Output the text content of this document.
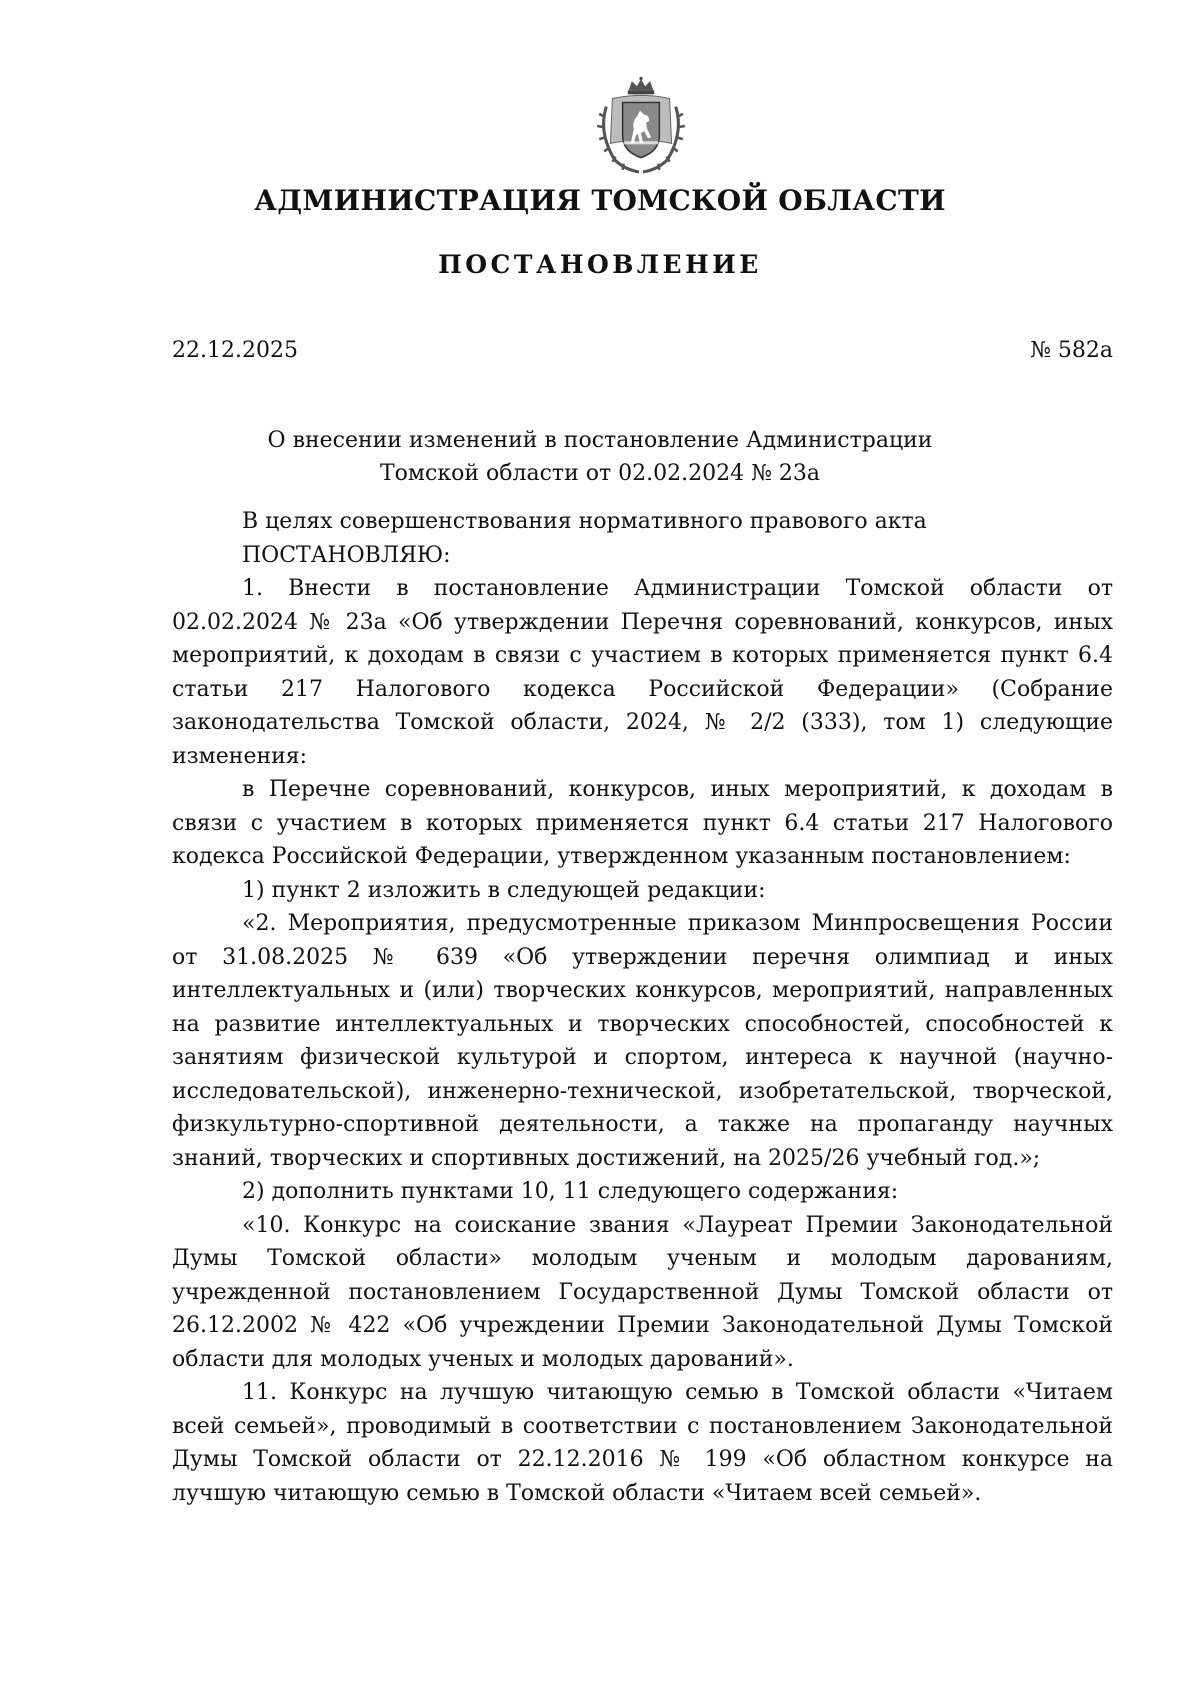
АДМИНИСТРАЦИЯ ТОМСКОЙ ОБЛАСТИ
ПОСТАНОВЛЕНИЕ
22.12.2025	№ 582а
О внесении изменений в постановление Администрации
Томской области от 02.02.2024 № 23а

В целях совершенствования нормативного правового акта

ПОСТАНОВЛЯЮ:

1. Внести в постановление Администрации Томской области от 02.02.2024 № 23а «Об утверждении Перечня соревнований, конкурсов, иных мероприятий, к доходам в связи с участием в которых применяется пункт 6.4 статьи 217 Налогового кодекса Российской Федерации» (Собрание законодательства Томской области, 2024, № 2/2 (333), том 1) следующие изменения:

в Перечне соревнований, конкурсов, иных мероприятий, к доходам в связи с участием в которых применяется пункт 6.4 статьи 217 Налогового кодекса Российской Федерации, утвержденном указанным постановлением:

1) пункт 2 изложить в следующей редакции:

«2. Мероприятия, предусмотренные приказом Минпросвещения России от 31.08.2025 № 639 «Об утверждении перечня олимпиад и иных интеллектуальных и (или) творческих конкурсов, мероприятий, направленных на развитие интеллектуальных и творческих способностей, способностей к занятиям физической культурой и спортом, интереса к научной (научно-исследовательской), инженерно-технической, изобретательской, творческой, физкультурно-спортивной деятельности, а также на пропаганду научных знаний, творческих и спортивных достижений, на 2025/26 учебный год.»;

2) дополнить пунктами 10, 11 следующего содержания:

«10. Конкурс на соискание звания «Лауреат Премии Законодательной Думы Томской области» молодым ученым и молодым дарованиям, учрежденной постановлением Государственной Думы Томской области от 26.12.2002 № 422 «Об учреждении Премии Законодательной Думы Томской области для молодых ученых и молодых дарований».

11. Конкурс на лучшую читающую семью в Томской области «Читаем всей семьей», проводимый в соответствии с постановлением Законодательной Думы Томской области от 22.12.2016 № 199 «Об областном конкурсе на лучшую читающую семью в Томской области «Читаем всей семьей».
